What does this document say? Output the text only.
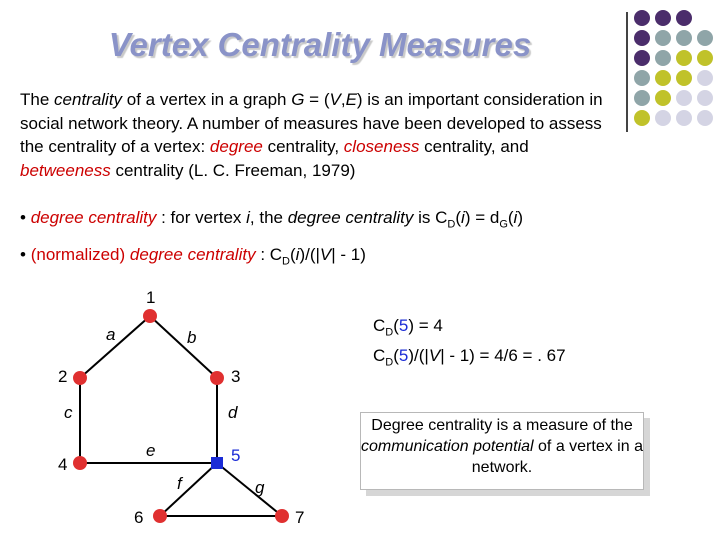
Vertex Centrality Measures
The centrality of a vertex in a graph G = (V,E) is an important consideration in social network theory. A number of measures have been developed to assess the centrality of a vertex: degree centrality, closeness centrality, and betweeness centrality (L. C. Freeman, 1979)
• degree centrality : for vertex i, the degree centrality is $C_D(i) = d_G(i)$
• (normalized) degree centrality : $C_D(i)/(|V| - 1)$
1
2	3
4	5
6	7
a	b
c	d
e
f	g
$C_D(5) = 4$
$C_D(5)/(|V| - 1) = 4/6$ = . 67
Degree centrality is a measure of the communication potential of a vertex in a network.
